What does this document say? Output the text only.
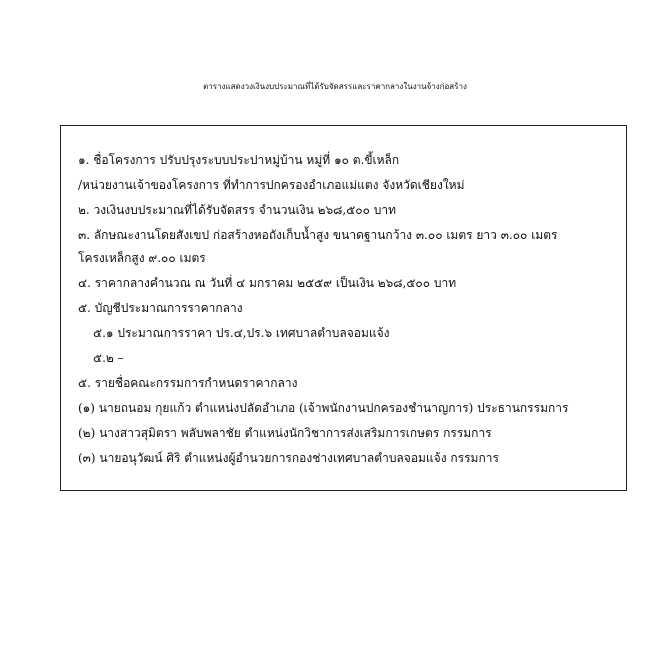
ตารางแสดงวงเงินงบประมาณที่ได้รับจัดสรรและราคากลางในงานจ้างก่อสร้าง
๑. ชื่อโครงการ ปรับปรุงระบบประปาหมู่บ้าน หมู่ที่ ๑๐ ต.ขี้เหล็ก
/หน่วยงานเจ้าของโครงการ ที่ทำการปกครองอำเภอแม่แตง จังหวัดเชียงใหม่
๒. วงเงินงบประมาณที่ได้รับจัดสรร จำนวนเงิน ๒๖๘,๕๐๐ บาท
๓. ลักษณะงานโดยสังเขป ก่อสร้างหอถังเก็บน้ำสูง ขนาดฐานกว้าง ๓.๐๐ เมตร ยาว ๓.๐๐ เมตร
โครงเหล็กสูง ๙.๐๐ เมตร
๔. ราคากลางคำนวณ ณ วันที่ ๔ มกราคม ๒๕๕๙ เป็นเงิน ๒๖๘,๕๐๐ บาท
๕. บัญชีประมาณการราคากลาง
๕.๑ ประมาณการราคา ปร.๔,ปร.๖ เทศบาลตำบลจอมแจ้ง
๕.๒ –
๕. รายชื่อคณะกรรมการกำหนดราคากลาง
(๑) นายถนอม กุยแก้ว ตำแหน่งปลัดอำเภอ (เจ้าพนักงานปกครองชำนาญการ) ประธานกรรมการ
(๒) นางสาวสุมิตรา พลับพลาชัย ตำแหน่งนักวิชาการส่งเสริมการเกษตร กรรมการ
(๓) นายอนุวัฒน์ ศิริ ตำแหน่งผู้อำนวยการกองช่างเทศบาลตำบลจอมแจ้ง กรรมการ
